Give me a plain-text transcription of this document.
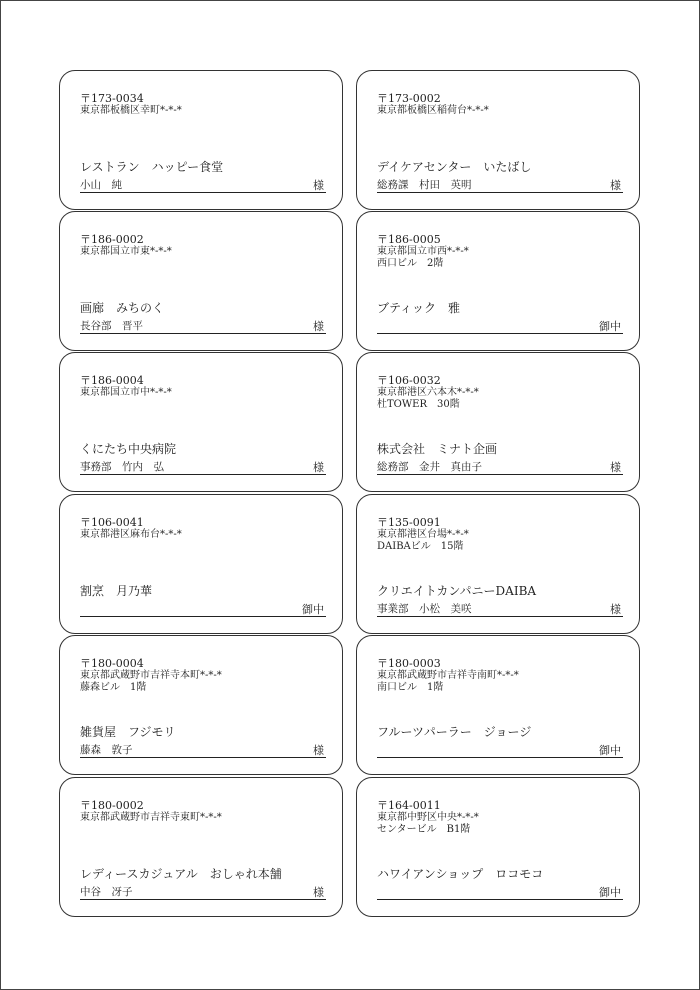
〒173-0034
東京都板橋区幸町*-*-*
レストラン　ハッピー食堂
小山　純	様
〒173-0002
東京都板橋区稲荷台*-*-*
デイケアセンター　いたばし
総務課　村田　英明	様
〒186-0002
東京都国立市東*-*-*
画廊　みちのく
長谷部　晋平	様
〒186-0005
東京都国立市西*-*-*
西口ビル　2階
ブティック　雅
御中
〒186-0004
東京都国立市中*-*-*
くにたち中央病院
事務部　竹内　弘	様
〒106-0032
東京都港区六本木*-*-*
杜TOWER　30階
株式会社　ミナト企画
総務部　金井　真由子	様
〒106-0041
東京都港区麻布台*-*-*
割烹　月乃華
御中
〒135-0091
東京都港区台場*-*-*
DAIBAビル　15階
クリエイトカンパニーDAIBA
事業部　小松　美咲	様
〒180-0004
東京都武蔵野市吉祥寺本町*-*-*
藤森ビル　1階
雑貨屋　フジモリ
藤森　敦子	様
〒180-0003
東京都武蔵野市吉祥寺南町*-*-*
南口ビル　1階
フルーツパーラー　ジョージ
御中
〒180-0002
東京都武蔵野市吉祥寺東町*-*-*
レディースカジュアル　おしゃれ本舗
中谷　冴子	様
〒164-0011
東京都中野区中央*-*-*
センタービル　B1階
ハワイアンショップ　ロコモコ
御中
